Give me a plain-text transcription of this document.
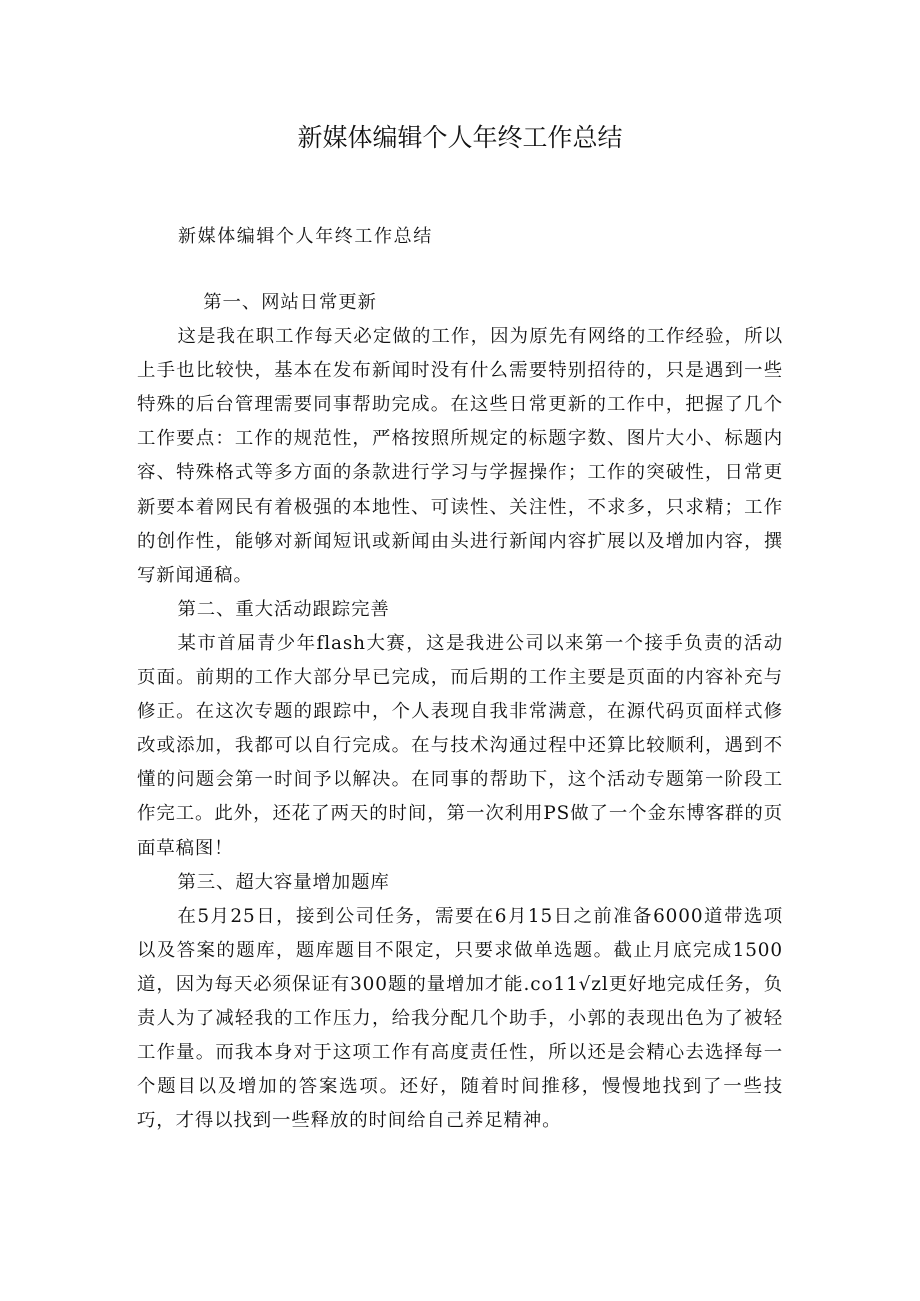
新媒体编辑个人年终工作总结
新媒体编辑个人年终工作总结

第一、网站日常更新

这是我在职工作每天必定做的工作，因为原先有网络的工作经验，所以上手也比较快，基本在发布新闻时没有什么需要特别招待的，只是遇到一些特殊的后台管理需要同事帮助完成。在这些日常更新的工作中，把握了几个工作要点：工作的规范性，严格按照所规定的标题字数、图片大小、标题内容、特殊格式等多方面的条款进行学习与学握操作；工作的突破性，日常更新要本着网民有着极强的本地性、可读性、关注性，不求多，只求精；工作的创作性，能够对新闻短讯或新闻由头进行新闻内容扩展以及增加内容，撰写新闻通稿。

第二、重大活动跟踪完善

某市首届青少年flash大赛，这是我进公司以来第一个接手负责的活动页面。前期的工作大部分早已完成，而后期的工作主要是页面的内容补充与修正。在这次专题的跟踪中，个人表现自我非常满意，在源代码页面样式修改或添加，我都可以自行完成。在与技术沟通过程中还算比较顺利，遇到不懂的问题会第一时间予以解决。在同事的帮助下，这个活动专题第一阶段工作完工。此外，还花了两天的时间，第一次利用PS做了一个金东博客群的页面草稿图！

第三、超大容量增加题库

在5月25日，接到公司任务，需要在6月15日之前准备6000道带选项以及答案的题库，题库题目不限定，只要求做单选题。截止月底完成1500道，因为每天必须保证有300题的量增加才能.co11√zl更好地完成任务，负责人为了减轻我的工作压力，给我分配几个助手，小郭的表现出色为了被轻工作量。而我本身对于这项工作有高度责任性，所以还是会精心去选择每一个题目以及增加的答案选项。还好，随着时间推移，慢慢地找到了一些技巧，才得以找到一些释放的时间给自己养足精神。
